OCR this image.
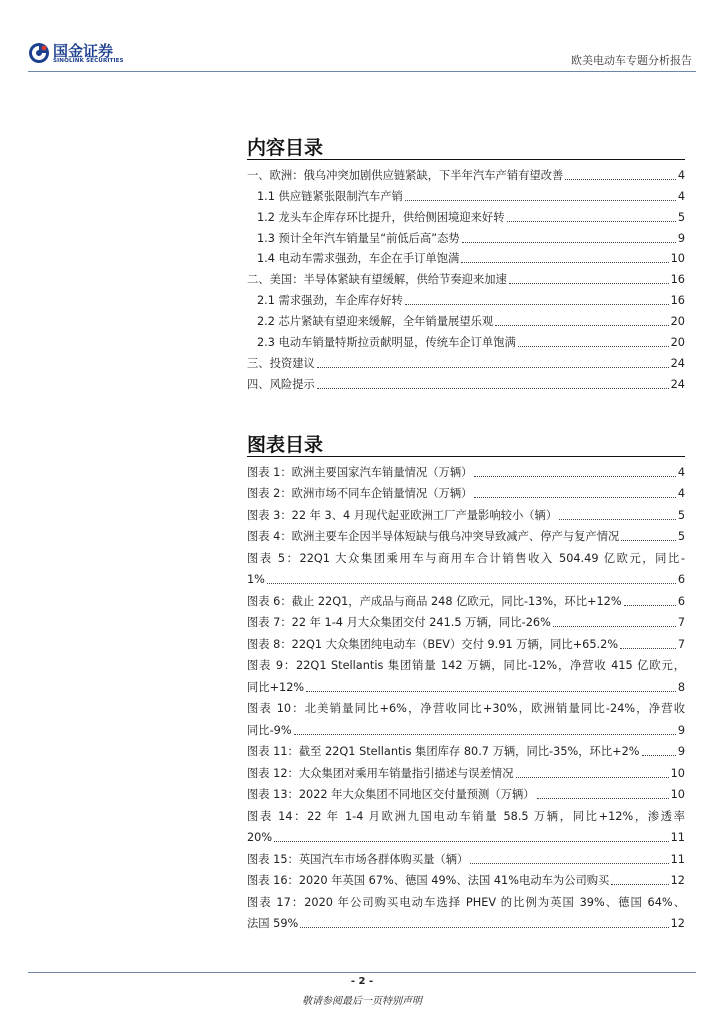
国金证券
SINOLINK SECURITIES	欧美电动车专题分析报告
内容目录
一、欧洲：俄乌冲突加剧供应链紧缺，下半年汽车产销有望改善	4
1.1 供应链紧张限制汽车产销	4
1.2 龙头车企库存环比提升，供给侧困境迎来好转	5
1.3 预计全年汽车销量呈“前低后高”态势	9
1.4 电动车需求强劲，车企在手订单饱满	10
二、美国：半导体紧缺有望缓解，供给节奏迎来加速	16
2.1 需求强劲，车企库存好转	16
2.2 芯片紧缺有望迎来缓解，全年销量展望乐观	20
2.3 电动车销量特斯拉贡献明显，传统车企订单饱满	20
三、投资建议	24
四、风险提示	24
图表目录
图表 1：欧洲主要国家汽车销量情况（万辆）	4
图表 2：欧洲市场不同车企销量情况（万辆）	4
图表 3：22 年 3、4 月现代起亚欧洲工厂产量影响较小（辆）	5
图表 4：欧洲主要车企因半导体短缺与俄乌冲突导致减产、停产与复产情况	5
图表 5：22Q1 大众集团乘用车与商用车合计销售收入 504.49 亿欧元，同比-
1%	6
图表 6：截止 22Q1，产成品与商品 248 亿欧元，同比-13%，环比+12%	6
图表 7：22 年 1-4 月大众集团交付 241.5 万辆，同比-26%	7
图表 8：22Q1 大众集团纯电动车（BEV）交付 9.91 万辆，同比+65.2%	7
图表 9：22Q1 Stellantis 集团销量 142 万辆，同比-12%，净营收 415 亿欧元，
同比+12%	8
图表 10：北美销量同比+6%，净营收同比+30%，欧洲销量同比-24%，净营收
同比-9%	9
图表 11：截至 22Q1 Stellantis 集团库存 80.7 万辆，同比-35%，环比+2%	9
图表 12：大众集团对乘用车销量指引描述与误差情况	10
图表 13：2022 年大众集团不同地区交付量预测（万辆）	10
图表 14：22 年 1-4 月欧洲九国电动车销量 58.5 万辆，同比+12%，渗透率
20%	11
图表 15：英国汽车市场各群体购买量（辆）	11
图表 16：2020 年英国 67%、德国 49%、法国 41%电动车为公司购买	12
图表 17：2020 年公司购买电动车选择 PHEV 的比例为英国 39%、德国 64%、
法国 59%	12
- 2 -
敬请参阅最后一页特别声明
